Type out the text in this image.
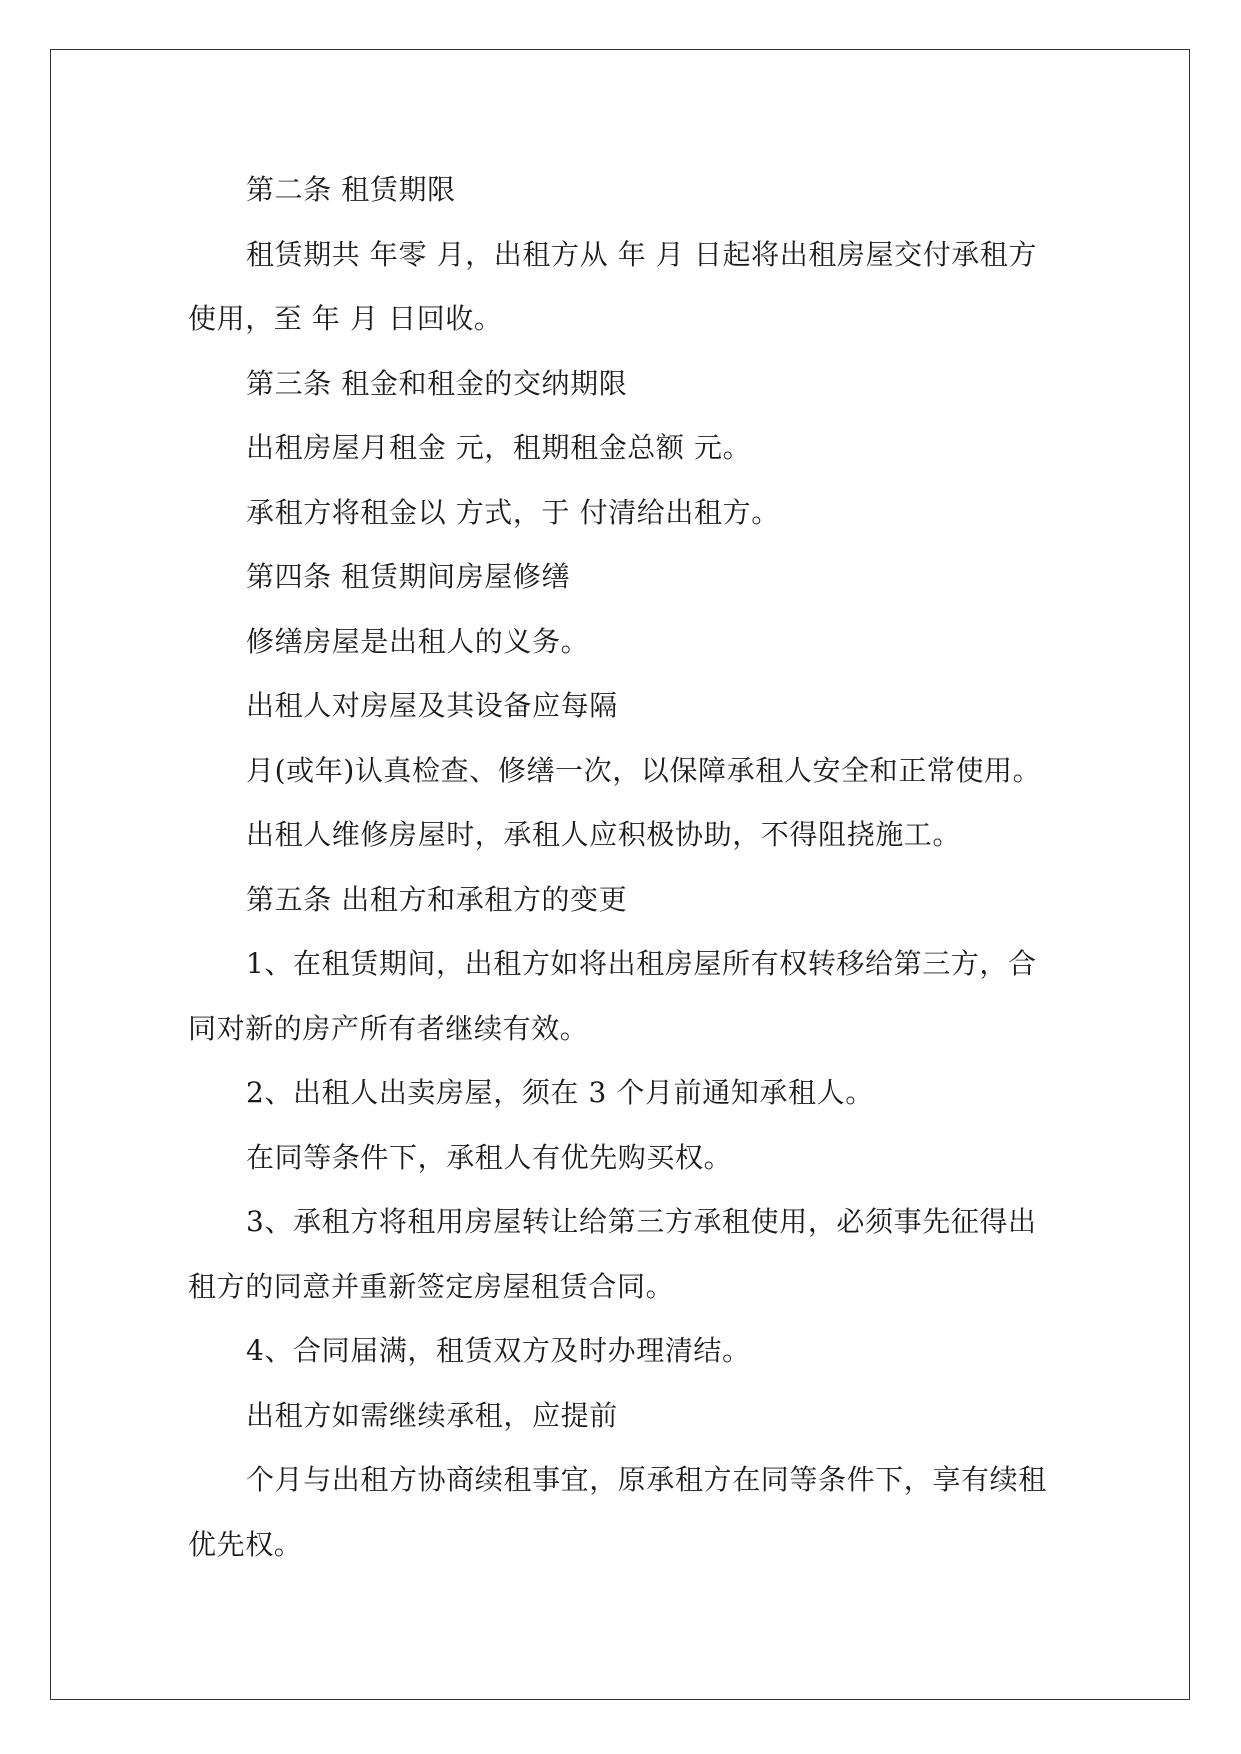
第二条 租赁期限

租赁期共 年零 月，出租方从 年 月 日起将出租房屋交付承租方使用，至 年 月 日回收。

第三条 租金和租金的交纳期限

出租房屋月租金 元，租期租金总额 元。

承租方将租金以 方式，于 付清给出租方。

第四条 租赁期间房屋修缮

修缮房屋是出租人的义务。

出租人对房屋及其设备应每隔

月(或年)认真检查、修缮一次，以保障承租人安全和正常使用。

出租人维修房屋时，承租人应积极协助，不得阻挠施工。

第五条 出租方和承租方的变更

1、在租赁期间，出租方如将出租房屋所有权转移给第三方，合同对新的房产所有者继续有效。

2、出租人出卖房屋，须在 3 个月前通知承租人。

在同等条件下，承租人有优先购买权。

3、承租方将租用房屋转让给第三方承租使用，必须事先征得出租方的同意并重新签定房屋租赁合同。

4、合同届满，租赁双方及时办理清结。

出租方如需继续承租，应提前

个月与出租方协商续租事宜，原承租方在同等条件下，享有续租优先权。
